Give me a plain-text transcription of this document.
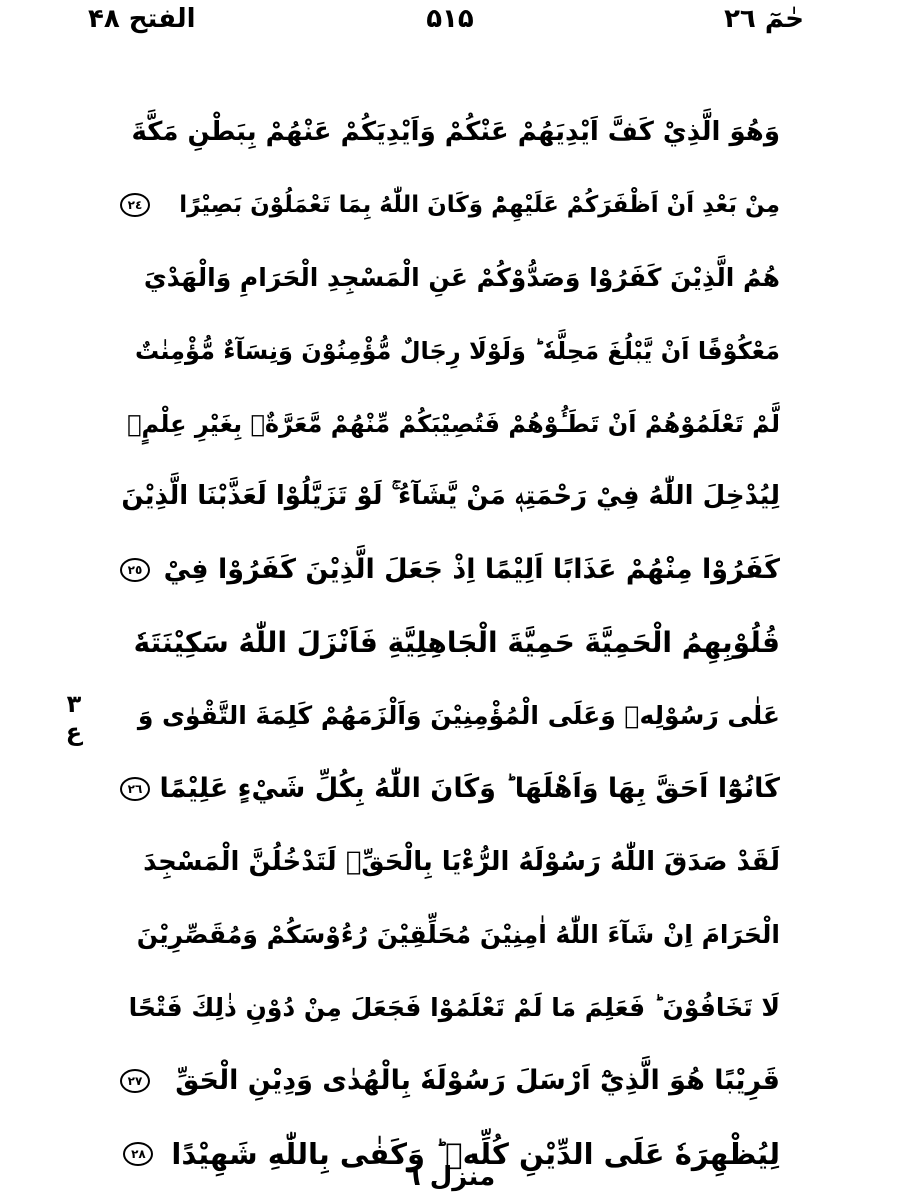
حٰمٓ ٢٦
۵۱۵
الفتح ۴٨
وَهُوَ الَّذِيْ كَفَّ اَيْدِيَهُمْ عَنْكُمْ وَاَيْدِيَكُمْ عَنْهُمْ بِبَطْنِ مَكَّةَ
مِنْ بَعْدِ اَنْ اَظْفَرَكُمْ عَلَيْهِمْؕ وَكَانَ اللّٰهُ بِمَا تَعْمَلُوْنَ بَصِيْرًا
٢٤
هُمُ الَّذِيْنَ كَفَرُوْا وَصَدُّوْكُمْ عَنِ الْمَسْجِدِ الْحَرَامِ وَالْهَدْيَ
مَعْكُوْفًا اَنْ يَّبْلُغَ مَحِلَّهٗ ؕ وَلَوْلَا رِجَالٌ مُّؤْمِنُوْنَ وَنِسَآءٌ مُّؤْمِنٰتٌ
لَّمْ تَعْلَمُوْهُمْ اَنْ تَطَـُٔوْهُمْ فَتُصِيْبَكُمْ مِّنْهُمْ مَّعَرَّةٌۢ بِغَيْرِ عِلْمٍۚ
لِيُدْخِلَ اللّٰهُ فِيْ رَحْمَتِهٖ مَنْ يَّشَآءُ ۚ لَوْ تَزَيَّلُوْا لَعَذَّبْنَا الَّذِيْنَ
كَفَرُوْا مِنْهُمْ عَذَابًا اَلِيْمًا اِذْ جَعَلَ الَّذِيْنَ كَفَرُوْا فِيْ
٢٥
قُلُوْبِهِمُ الْحَمِيَّةَ حَمِيَّةَ الْجَاهِلِيَّةِ فَاَنْزَلَ اللّٰهُ سَكِيْنَتَهٗ
عَلٰى رَسُوْلِهٖ وَعَلَى الْمُؤْمِنِيْنَ وَاَلْزَمَهُمْ كَلِمَةَ التَّقْوٰى وَ
كَانُوْٓا اَحَقَّ بِهَا وَاَهْلَهَا ؕ وَكَانَ اللّٰهُ بِكُلِّ شَيْءٍ عَلِيْمًا
٢٦
لَقَدْ صَدَقَ اللّٰهُ رَسُوْلَهُ الرُّءْيَا بِالْحَقِّۚ لَتَدْخُلُنَّ الْمَسْجِدَ
الْحَرَامَ اِنْ شَآءَ اللّٰهُ اٰمِنِيْنَ مُحَلِّقِيْنَ رُءُوْسَكُمْ وَمُقَصِّرِيْنَ
لَا تَخَافُوْنَ ؕ فَعَلِمَ مَا لَمْ تَعْلَمُوْا فَجَعَلَ مِنْ دُوْنِ ذٰلِكَ فَتْحًا
قَرِيْبًا هُوَ الَّذِيْٓ اَرْسَلَ رَسُوْلَهٗ بِالْهُدٰى وَدِيْنِ الْحَقِّ
٢٧
لِيُظْهِرَهٗ عَلَى الدِّيْنِ كُلِّهٖ ؕ وَكَفٰى بِاللّٰهِ شَهِيْدًا
٢٨
ع٣
منزل ٦
